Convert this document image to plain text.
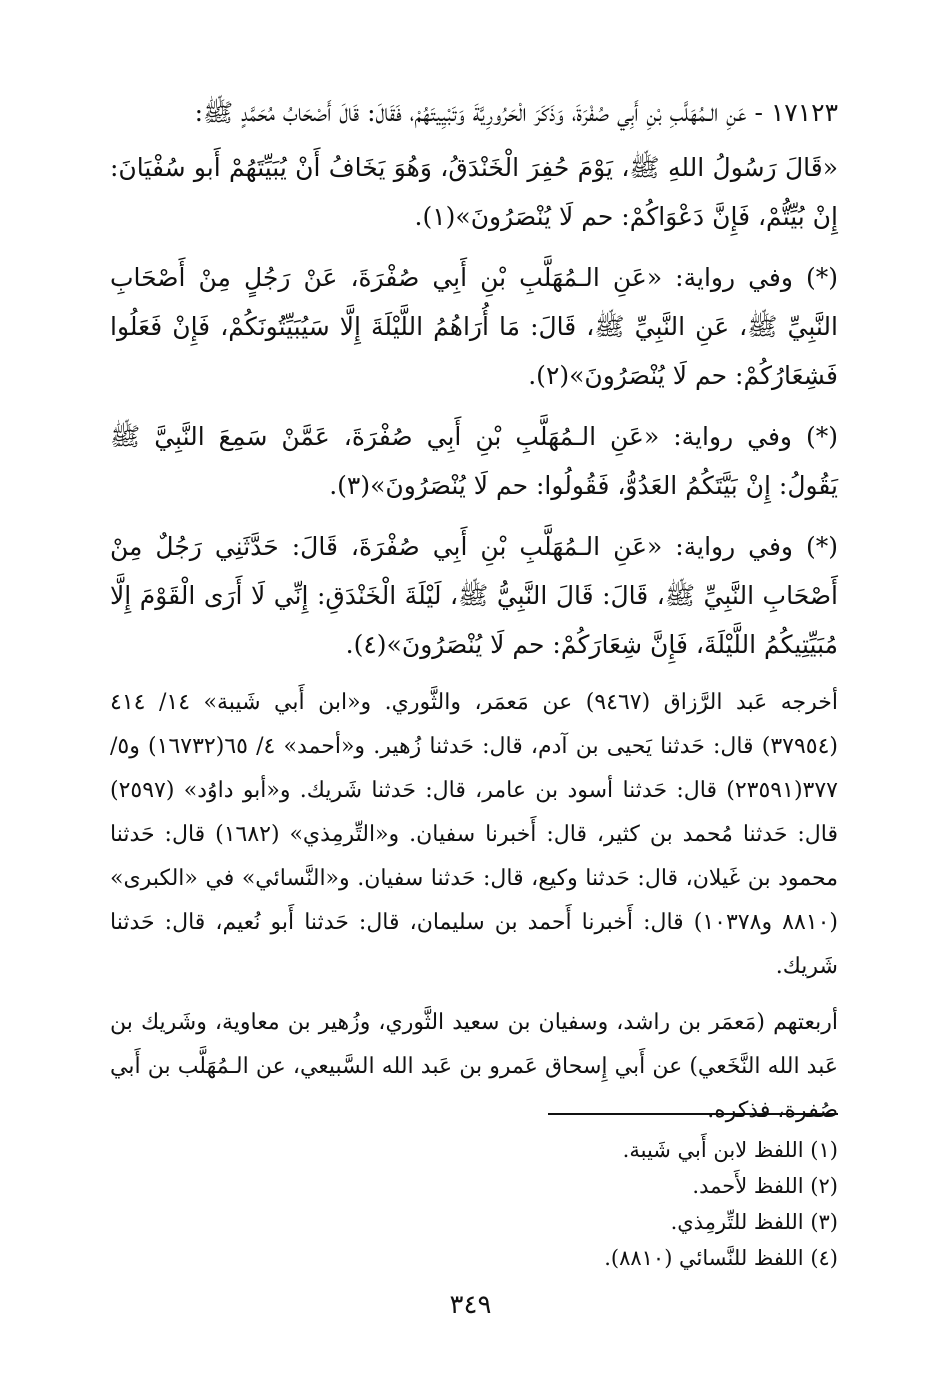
١٧١٢٣ - عَنِ الـمُهَلَّبِ بْنِ أَبِي صُفْرَةَ، وَذَكَرَ الْحَرُورِيَّةَ وَتَبْيِيتَهُمْ، فَقَالَ: قَالَ أَصْحَابُ مُحَمَّدٍ ﷺ:

«قَالَ رَسُولُ اللهِ ﷺ، يَوْمَ حُفِرَ الْخَنْدَقُ، وَهُوَ يَخَافُ أَنْ يُبَيِّتَهُمْ أَبو سُفْيَانَ: إِنْ بُيِّتُّمْ، فَإِنَّ دَعْوَاكُمْ: حم لَا يُنْصَرُونَ»(١).

(*) وفي رواية: «عَنِ الـمُهَلَّبِ بْنِ أَبِي صُفْرَةَ، عَنْ رَجُلٍ مِنْ أَصْحَابِ النَّبِيِّ ﷺ، عَنِ النَّبِيِّ ﷺ، قَالَ: مَا أُرَاهُمُ اللَّيْلَةَ إِلَّا سَيُبَيِّتُونَكُمْ، فَإِنْ فَعَلُوا فَشِعَارُكُمْ: حم لَا يُنْصَرُونَ»(٢).

(*) وفي رواية: «عَنِ الـمُهَلَّبِ بْنِ أَبِي صُفْرَةَ، عَمَّنْ سَمِعَ النَّبِيَّ ﷺ يَقُولُ: إِنْ بَيَّتَكُمُ العَدُوُّ، فَقُولُوا: حم لَا يُنْصَرُونَ»(٣).

(*) وفي رواية: «عَنِ الـمُهَلَّبِ بْنِ أَبِي صُفْرَةَ، قَالَ: حَدَّثَنِي رَجُلٌ مِنْ أَصْحَابِ النَّبِيِّ ﷺ، قَالَ: قَالَ النَّبِيُّ ﷺ، لَيْلَةَ الْخَنْدَقِ: إِنِّي لَا أَرَى الْقَوْمَ إِلَّا مُبَيِّتِيكُمُ اللَّيْلَةَ، فَإِنَّ شِعَارَكُمْ: حم لَا يُنْصَرُونَ»(٤).

أخرجه عَبد الرَّزاق (٩٤٦٧) عن مَعمَر، والثَّوري. و«ابن أَبي شَيبة» ١٤/ ٤١٤ (٣٧٩٥٤) قال: حَدثنا يَحيى بن آدم، قال: حَدثنا زُهير. و«أحمد» ٤/ ٦٥(١٦٧٣٢) و٥/ ٣٧٧(٢٣٥٩١) قال: حَدثنا أسود بن عامر، قال: حَدثنا شَريك. و«أبو داوُد» (٢٥٩٧) قال: حَدثنا مُحمد بن كثير، قال: أَخبرنا سفيان. و«التِّرمِذي» (١٦٨٢) قال: حَدثنا محمود بن غَيلان، قال: حَدثنا وكيع، قال: حَدثنا سفيان. و«النَّسائي» في «الكبرى» (٨٨١٠ و١٠٣٧٨) قال: أَخبرنا أَحمد بن سليمان، قال: حَدثنا أَبو نُعيم، قال: حَدثنا شَريك.

أربعتهم (مَعمَر بن راشد، وسفيان بن سعيد الثَّوري، وزُهير بن معاوية، وشَريك بن عَبد الله النَّخَعي) عن أَبي إِسحاق عَمرو بن عَبد الله السَّبيعي، عن الـمُهَلَّب بن أَبي صُفرة، فذكره.

(١) اللفظ لابن أَبي شَيبة.
(٢) اللفظ لأَحمد.
(٣) اللفظ للتِّرمِذي.
(٤) اللفظ للنَّسائي (٨٨١٠).
٣٤٩
